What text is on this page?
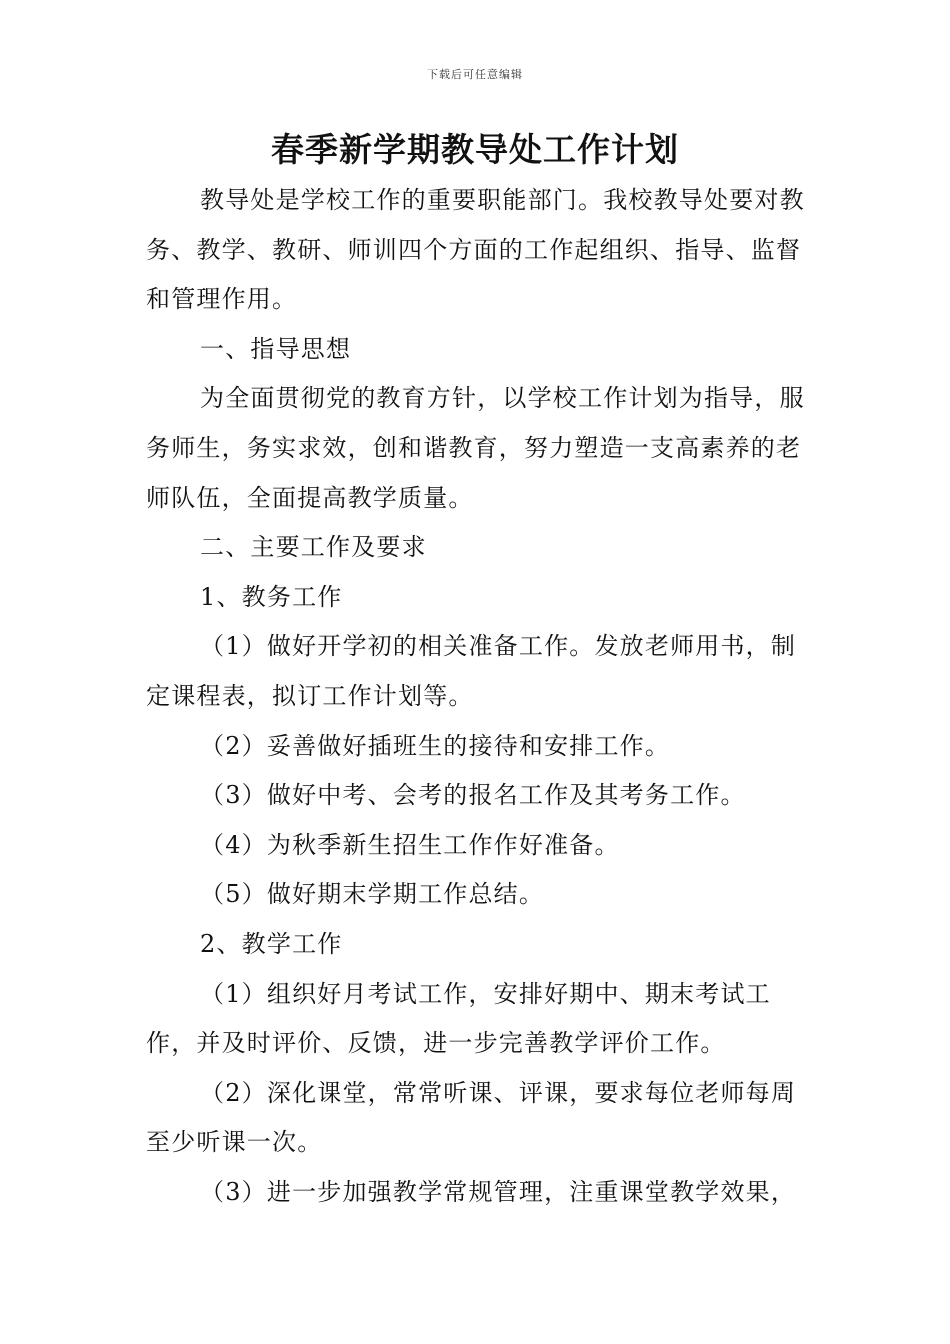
下载后可任意编辑
春季新学期教导处工作计划

教导处是学校工作的重要职能部门。我校教导处要对教务、教学、教研、师训四个方面的工作起组织、指导、监督和管理作用。

一、指导思想

为全面贯彻党的教育方针，以学校工作计划为指导，服务师生，务实求效，创和谐教育，努力塑造一支高素养的老师队伍，全面提高教学质量。

二、主要工作及要求

1、教务工作

（1）做好开学初的相关准备工作。发放老师用书，制定课程表，拟订工作计划等。

（2）妥善做好插班生的接待和安排工作。

（3）做好中考、会考的报名工作及其考务工作。

（4）为秋季新生招生工作作好准备。

（5）做好期末学期工作总结。

2、教学工作

（1）组织好月考试工作，安排好期中、期末考试工作，并及时评价、反馈，进一步完善教学评价工作。

（2）深化课堂，常常听课、评课，要求每位老师每周至少听课一次。

（3）进一步加强教学常规管理，注重课堂教学效果，
